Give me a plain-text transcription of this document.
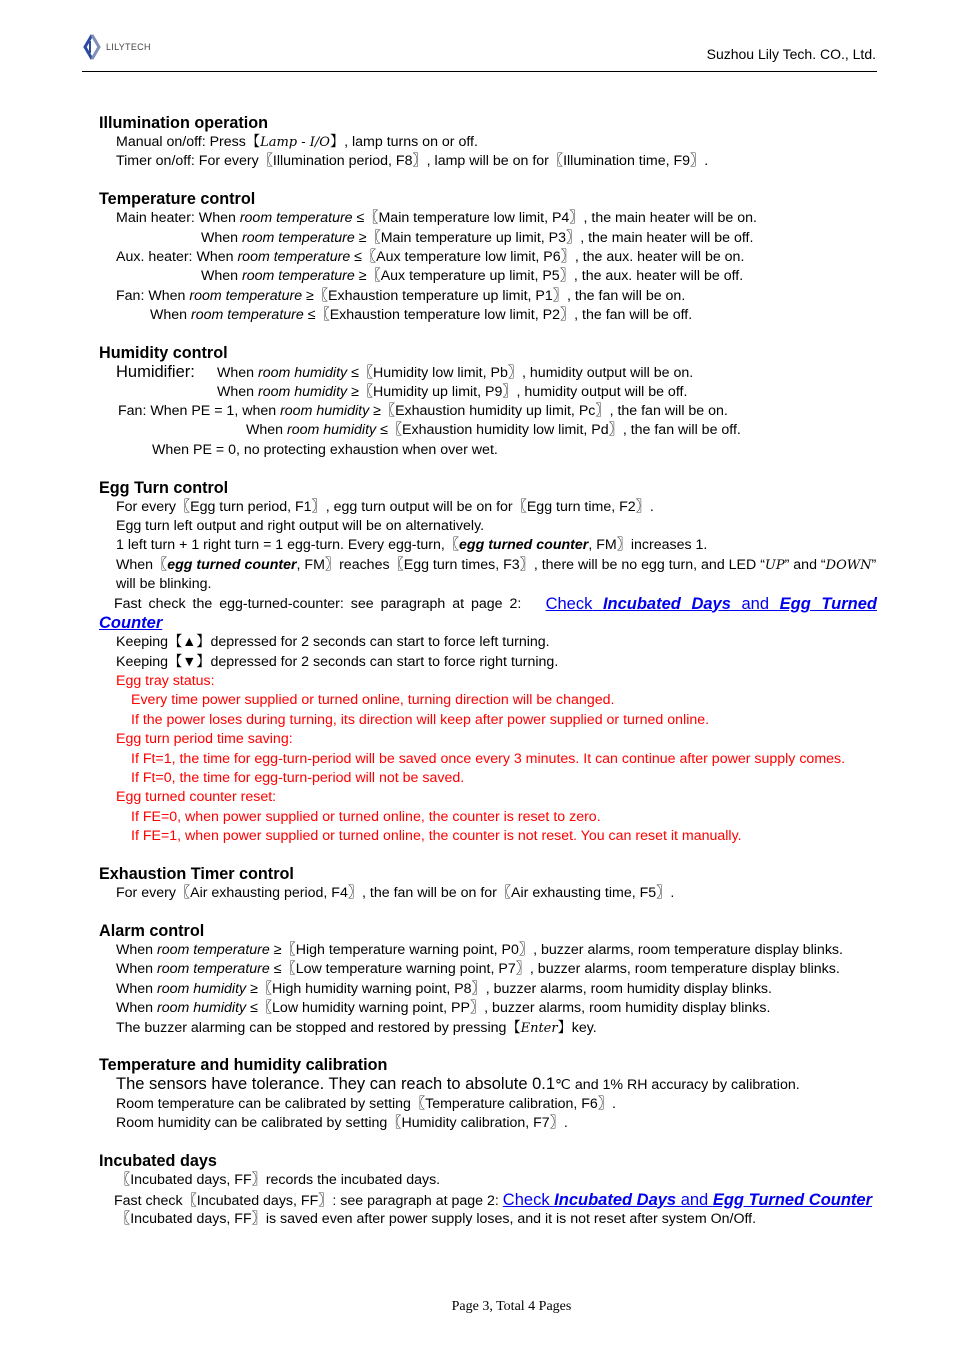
LILYTECH	Suzhou Lily Tech. CO., Ltd.
Illumination operation
Manual on/off: Press【Lamp - I/O】, lamp turns on or off.
Timer on/off: For every〖Illumination period, F8〗, lamp will be on for〖Illumination time, F9〗.
Temperature control
Main heater: When room temperature ≤〖Main temperature low limit, P4〗, the main heater will be on.
When room temperature ≥〖Main temperature up limit, P3〗, the main heater will be off.
Aux. heater: When room temperature ≤〖Aux temperature low limit, P6〗, the aux. heater will be on.
When room temperature ≥〖Aux temperature up limit, P5〗, the aux. heater will be off.
Fan: When room temperature ≥〖Exhaustion temperature up limit, P1〗, the fan will be on.
When room temperature ≤〖Exhaustion temperature low limit, P2〗, the fan will be off.
Humidity control
Humidifier: When room humidity ≤〖Humidity low limit, Pb〗, humidity output will be on.
When room humidity ≥〖Humidity up limit, P9〗, humidity output will be off.
Fan: When PE = 1, when room humidity ≥〖Exhaustion humidity up limit, Pc〗, the fan will be on.
When room humidity ≤〖Exhaustion humidity low limit, Pd〗, the fan will be off.
When PE = 0, no protecting exhaustion when over wet.
Egg Turn control
For every〖Egg turn period, F1〗, egg turn output will be on for〖Egg turn time, F2〗.
Egg turn left output and right output will be on alternatively.
1 left turn + 1 right turn = 1 egg-turn. Every egg-turn,〖egg turned counter, FM〗increases 1.
When〖egg turned counter, FM〗reaches〖Egg turn times, F3〗, there will be no egg turn, and LED “UP” and “DOWN”
will be blinking.
Fast check the egg-turned-counter: see paragraph at page 2: Check Incubated Days and Egg Turned
Counter
Keeping【▲】depressed for 2 seconds can start to force left turning.
Keeping【▼】depressed for 2 seconds can start to force right turning.
Egg tray status:
Every time power supplied or turned online, turning direction will be changed.
If the power loses during turning, its direction will keep after power supplied or turned online.
Egg turn period time saving:
If Ft=1, the time for egg-turn-period will be saved once every 3 minutes. It can continue after power supply comes.
If Ft=0, the time for egg-turn-period will not be saved.
Egg turned counter reset:
If FE=0, when power supplied or turned online, the counter is reset to zero.
If FE=1, when power supplied or turned online, the counter is not reset. You can reset it manually.
Exhaustion Timer control
For every〖Air exhausting period, F4〗, the fan will be on for〖Air exhausting time, F5〗.
Alarm control
When room temperature ≥〖High temperature warning point, P0〗, buzzer alarms, room temperature display blinks.
When room temperature ≤〖Low temperature warning point, P7〗, buzzer alarms, room temperature display blinks.
When room humidity ≥〖High humidity warning point, P8〗, buzzer alarms, room humidity display blinks.
When room humidity ≤〖Low humidity warning point, PP〗, buzzer alarms, room humidity display blinks.
The buzzer alarming can be stopped and restored by pressing【Enter】key.
Temperature and humidity calibration
The sensors have tolerance. They can reach to absolute 0.1℃ and 1% RH accuracy by calibration.
Room temperature can be calibrated by setting〖Temperature calibration, F6〗.
Room humidity can be calibrated by setting〖Humidity calibration, F7〗.
Incubated days
〖Incubated days, FF〗records the incubated days.
Fast check〖Incubated days, FF〗: see paragraph at page 2: Check Incubated Days and Egg Turned Counter
〖Incubated days, FF〗is saved even after power supply loses, and it is not reset after system On/Off.
Page 3, Total 4 Pages
